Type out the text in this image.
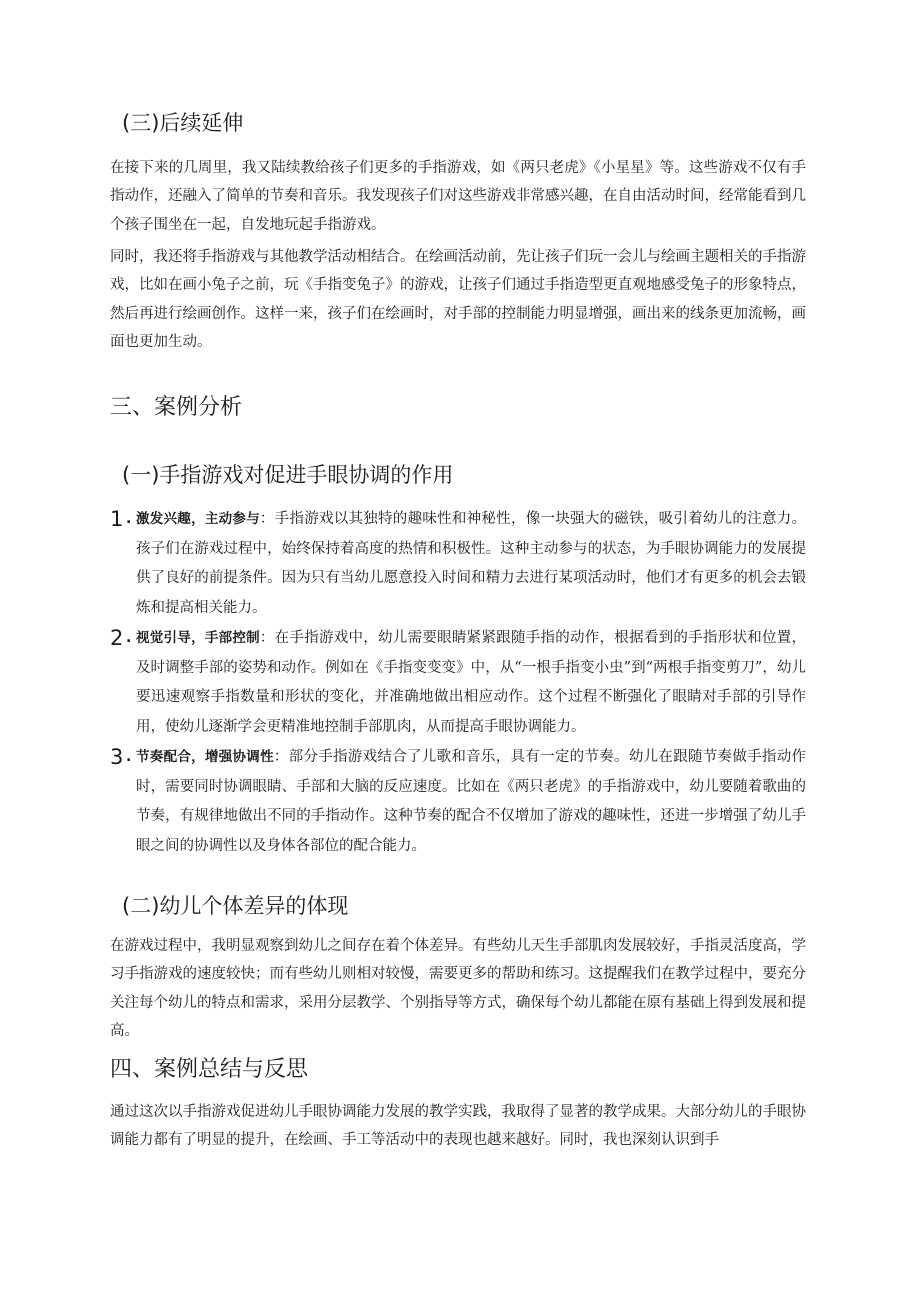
(三)后续延伸

在接下来的几周里，我又陆续教给孩子们更多的手指游戏，如《两只老虎》《小星星》等。这些游戏不仅有手指动作，还融入了简单的节奏和音乐。我发现孩子们对这些游戏非常感兴趣，在自由活动时间，经常能看到几个孩子围坐在一起，自发地玩起手指游戏。

同时，我还将手指游戏与其他教学活动相结合。在绘画活动前，先让孩子们玩一会儿与绘画主题相关的手指游戏，比如在画小兔子之前，玩《手指变兔子》的游戏，让孩子们通过手指造型更直观地感受兔子的形象特点，然后再进行绘画创作。这样一来，孩子们在绘画时，对手部的控制能力明显增强，画出来的线条更加流畅，画面也更加生动。

三、案例分析
(一)手指游戏对促进手眼协调的作用
1 . 激发兴趣，主动参与：手指游戏以其独特的趣味性和神秘性，像一块强大的磁铁，吸引着幼儿的注意力。孩子们在游戏过程中，始终保持着高度的热情和积极性。这种主动参与的状态，为手眼协调能力的发展提供了良好的前提条件。因为只有当幼儿愿意投入时间和精力去进行某项活动时，他们才有更多的机会去锻炼和提高相关能力。
2 . 视觉引导，手部控制：在手指游戏中，幼儿需要眼睛紧紧跟随手指的动作，根据看到的手指形状和位置，及时调整手部的姿势和动作。例如在《手指变变变》中，从“一根手指变小虫”到“两根手指变剪刀”，幼儿要迅速观察手指数量和形状的变化，并准确地做出相应动作。这个过程不断强化了眼睛对手部的引导作用，使幼儿逐渐学会更精准地控制手部肌肉，从而提高手眼协调能力。
3 . 节奏配合，增强协调性：部分手指游戏结合了儿歌和音乐，具有一定的节奏。幼儿在跟随节奏做手指动作时，需要同时协调眼睛、手部和大脑的反应速度。比如在《两只老虎》的手指游戏中，幼儿要随着歌曲的节奏，有规律地做出不同的手指动作。这种节奏的配合不仅增加了游戏的趣味性，还进一步增强了幼儿手眼之间的协调性以及身体各部位的配合能力。
(二)幼儿个体差异的体现

在游戏过程中，我明显观察到幼儿之间存在着个体差异。有些幼儿天生手部肌肉发展较好，手指灵活度高，学习手指游戏的速度较快；而有些幼儿则相对较慢，需要更多的帮助和练习。这提醒我们在教学过程中，要充分关注每个幼儿的特点和需求，采用分层教学、个别指导等方式，确保每个幼儿都能在原有基础上得到发展和提高。

四、案例总结与反思

通过这次以手指游戏促进幼儿手眼协调能力发展的教学实践，我取得了显著的教学成果。大部分幼儿的手眼协调能力都有了明显的提升，在绘画、手工等活动中的表现也越来越好。同时，我也深刻认识到手
